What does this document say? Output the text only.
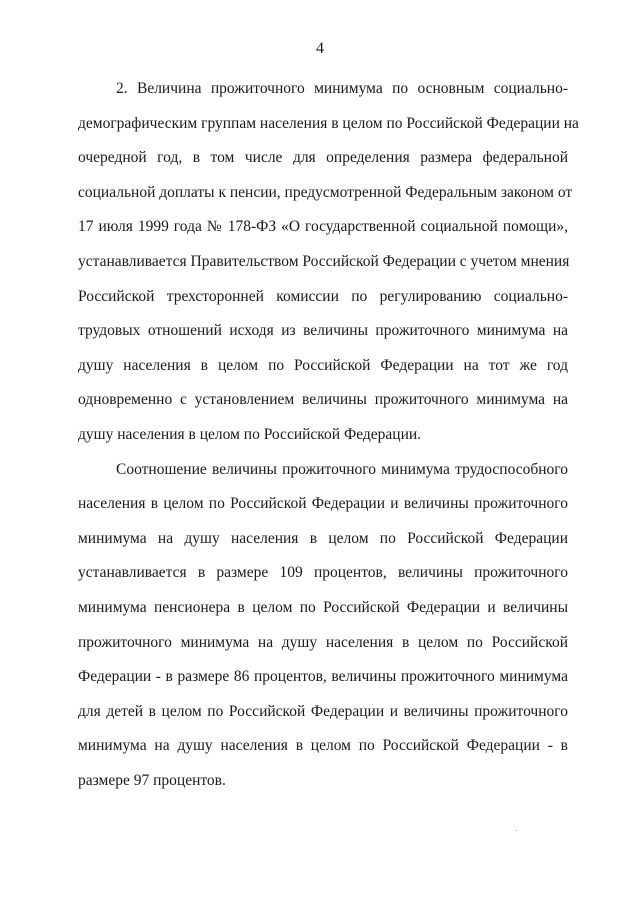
4
2. Величина прожиточного минимума по основным социально-
демографическим группам населения в целом по Российской Федерации на
очередной год, в том числе для определения размера федеральной
социальной доплаты к пенсии, предусмотренной Федеральным законом от
17 июля 1999 года № 178-ФЗ «О государственной социальной помощи»,
устанавливается Правительством Российской Федерации с учетом мнения
Российской трехсторонней комиссии по регулированию социально-
трудовых отношений исходя из величины прожиточного минимума на
душу населения в целом по Российской Федерации на тот же год
одновременно с установлением величины прожиточного минимума на
душу населения в целом по Российской Федерации.
Соотношение величины прожиточного минимума трудоспособного
населения в целом по Российской Федерации и величины прожиточного
минимума на душу населения в целом по Российской Федерации
устанавливается в размере 109 процентов, величины прожиточного
минимума пенсионера в целом по Российской Федерации и величины
прожиточного минимума на душу населения в целом по Российской
Федерации - в размере 86 процентов, величины прожиточного минимума
для детей в целом по Российской Федерации и величины прожиточного
минимума на душу населения в целом по Российской Федерации - в
размере 97 процентов.
